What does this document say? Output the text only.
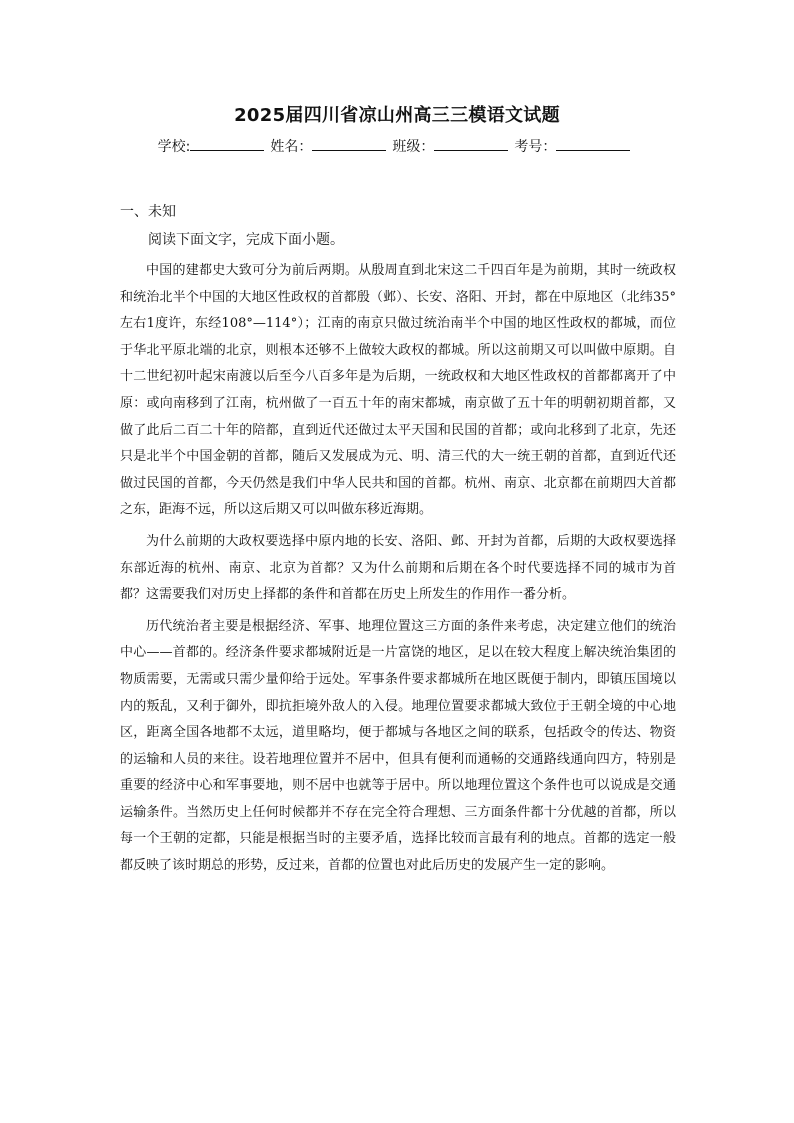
2025届四川省凉山州高三三模语文试题
学校:	姓名：	班级：	考号：
一、未知
阅读下面文字，完成下面小题。

中国的建都史大致可分为前后两期。从殷周直到北宋这二千四百年是为前期，其时一统政权和统治北半个中国的大地区性政权的首都殷（邺）、长安、洛阳、开封，都在中原地区（北纬35°左右1度许，东经108°—114°）；江南的南京只做过统治南半个中国的地区性政权的都城，而位于华北平原北端的北京，则根本还够不上做较大政权的都城。所以这前期又可以叫做中原期。自十二世纪初叶起宋南渡以后至今八百多年是为后期，一统政权和大地区性政权的首都都离开了中原：或向南移到了江南，杭州做了一百五十年的南宋都城，南京做了五十年的明朝初期首都，又做了此后二百二十年的陪都，直到近代还做过太平天国和民国的首都；或向北移到了北京，先还只是北半个中国金朝的首都，随后又发展成为元、明、清三代的大一统王朝的首都，直到近代还做过民国的首都，今天仍然是我们中华人民共和国的首都。杭州、南京、北京都在前期四大首都之东，距海不远，所以这后期又可以叫做东移近海期。

为什么前期的大政权要选择中原内地的长安、洛阳、邺、开封为首都，后期的大政权要选择东部近海的杭州、南京、北京为首都？又为什么前期和后期在各个时代要选择不同的城市为首都？这需要我们对历史上择都的条件和首都在历史上所发生的作用作一番分析。

历代统治者主要是根据经济、军事、地理位置这三方面的条件来考虑，决定建立他们的统治中心——首都的。经济条件要求都城附近是一片富饶的地区，足以在较大程度上解决统治集团的物质需要，无需或只需少量仰给于远处。军事条件要求都城所在地区既便于制内，即镇压国境以内的叛乱，又利于御外，即抗拒境外敌人的入侵。地理位置要求都城大致位于王朝全境的中心地区，距离全国各地都不太远，道里略均，便于都城与各地区之间的联系，包括政令的传达、物资的运输和人员的来往。设若地理位置并不居中，但具有便利而通畅的交通路线通向四方，特别是重要的经济中心和军事要地，则不居中也就等于居中。所以地理位置这个条件也可以说成是交通运输条件。当然历史上任何时候都并不存在完全符合理想、三方面条件都十分优越的首都，所以每一个王朝的定都，只能是根据当时的主要矛盾，选择比较而言最有利的地点。首都的选定一般都反映了该时期总的形势，反过来，首都的位置也对此后历史的发展产生一定的影响。
